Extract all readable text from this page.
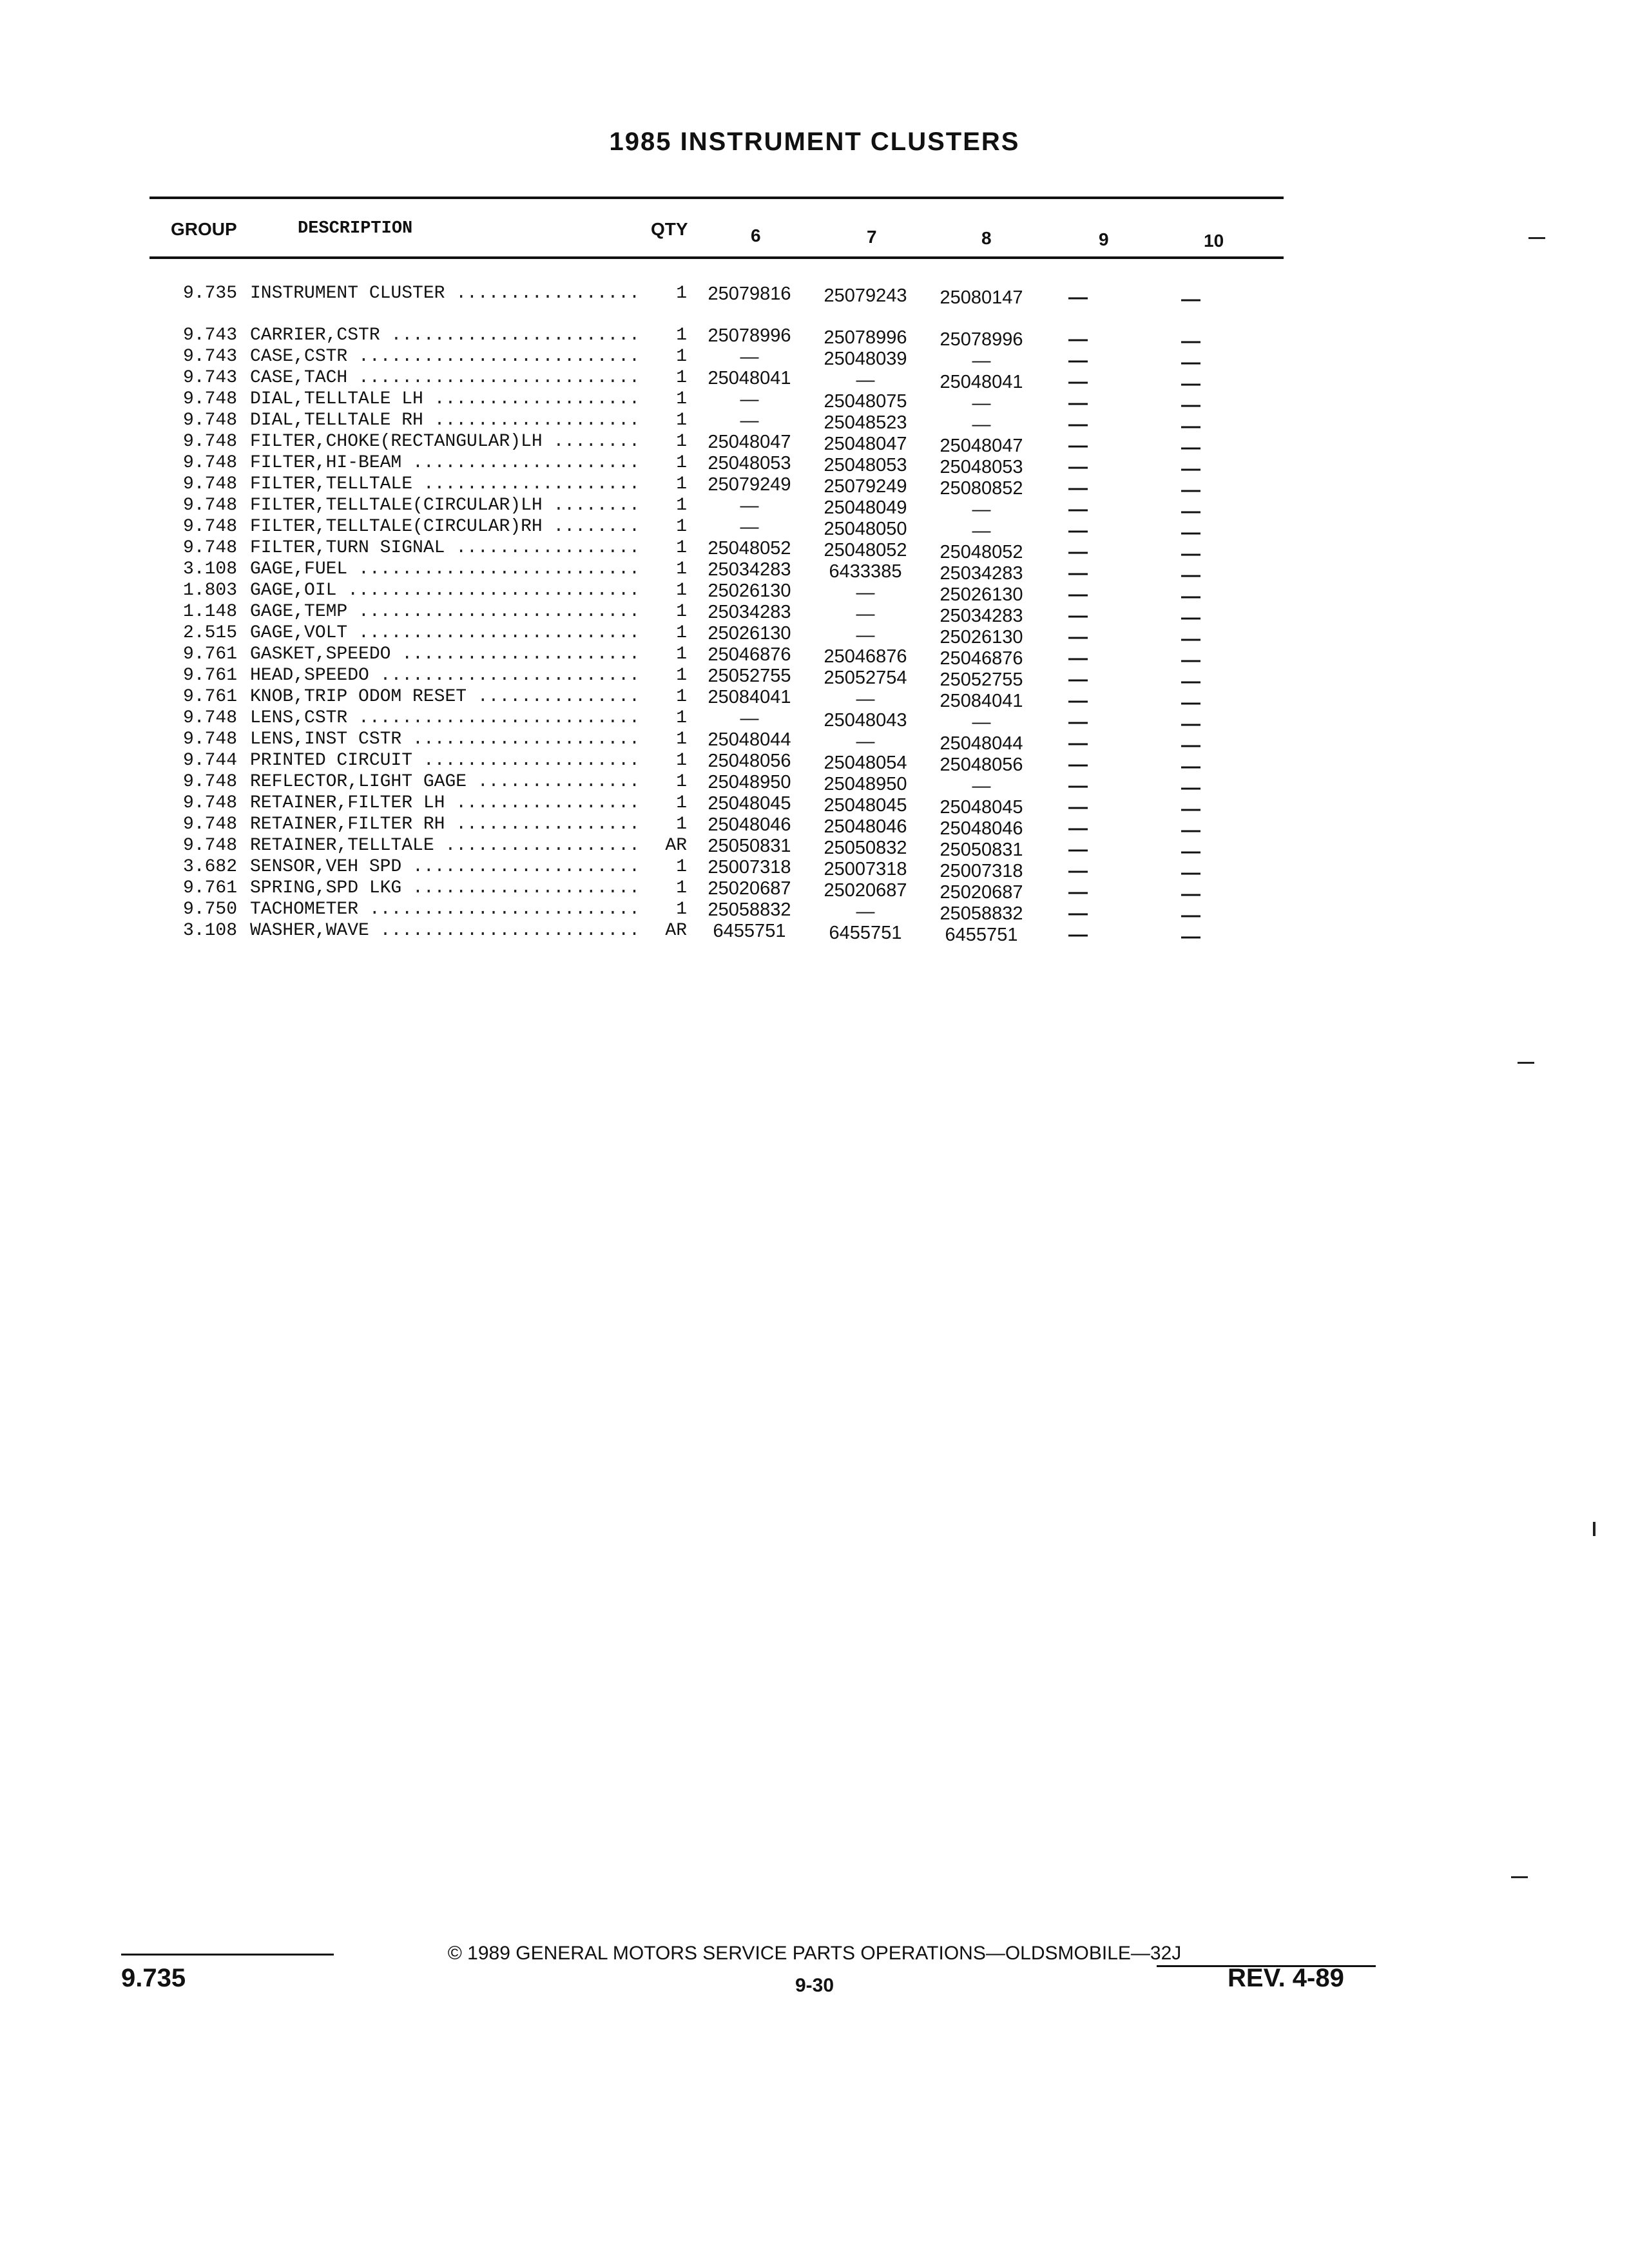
1985 INSTRUMENT CLUSTERS
GROUP	DESCRIPTION	QTY	6	7	8	9	10
9.735 INSTRUMENT CLUSTER .................	1	25079816	25079243	25080147	—	—
9.743 CARRIER,CSTR .......................	1	25078996	25078996	25078996	—	—
9.743 CASE,CSTR ..........................	1	—	25048039	—	—	—
9.743 CASE,TACH ..........................	1	25048041	—	25048041	—	—
9.748 DIAL,TELLTALE LH ...................	1	—	25048075	—	—	—
9.748 DIAL,TELLTALE RH ...................	1	—	25048523	—	—	—
9.748 FILTER,CHOKE(RECTANGULAR)LH ........	1	25048047	25048047	25048047	—	—
9.748 FILTER,HI-BEAM .....................	1	25048053	25048053	25048053	—	—
9.748 FILTER,TELLTALE ....................	1	25079249	25079249	25080852	—	—
9.748 FILTER,TELLTALE(CIRCULAR)LH ........	1	—	25048049	—	—	—
9.748 FILTER,TELLTALE(CIRCULAR)RH ........	1	—	25048050	—	—	—
9.748 FILTER,TURN SIGNAL .................	1	25048052	25048052	25048052	—	—
3.108 GAGE,FUEL ..........................	1	25034283	6433385	25034283	—	—
1.803 GAGE,OIL ...........................	1	25026130	—	25026130	—	—
1.148 GAGE,TEMP ..........................	1	25034283	—	25034283	—	—
2.515 GAGE,VOLT ..........................	1	25026130	—	25026130	—	—
9.761 GASKET,SPEEDO ......................	1	25046876	25046876	25046876	—	—
9.761 HEAD,SPEEDO ........................	1	25052755	25052754	25052755	—	—
9.761 KNOB,TRIP ODOM RESET ...............	1	25084041	—	25084041	—	—
9.748 LENS,CSTR ..........................	1	—	25048043	—	—	—
9.748 LENS,INST CSTR .....................	1	25048044	—	25048044	—	—
9.744 PRINTED CIRCUIT ....................	1	25048056	25048054	25048056	—	—
9.748 REFLECTOR,LIGHT GAGE ...............	1	25048950	25048950	—	—	—
9.748 RETAINER,FILTER LH .................	1	25048045	25048045	25048045	—	—
9.748 RETAINER,FILTER RH .................	1	25048046	25048046	25048046	—	—
9.748 RETAINER,TELLTALE ..................	AR	25050831	25050832	25050831	—	—
3.682 SENSOR,VEH SPD .....................	1	25007318	25007318	25007318	—	—
9.761 SPRING,SPD LKG .....................	1	25020687	25020687	25020687	—	—
9.750 TACHOMETER .........................	1	25058832	—	25058832	—	—
3.108 WASHER,WAVE ........................	AR	6455751	6455751	6455751	—	—
9.735
© 1989 GENERAL MOTORS SERVICE PARTS OPERATIONS—OLDSMOBILE—32J
9-30	REV. 4-89
